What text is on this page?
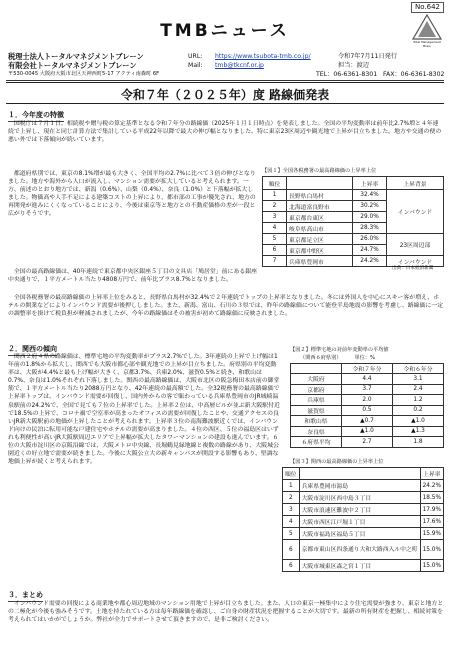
No.642
TMBニュース
Total Management Brain
税理士法人トータルマネジメントブレーン	URL: https://www.tsubota-tmb.co.jp/	令和7年7月11日発行
有限会社トータルマネジメントブレーン	Mail: tmb@tkcnf.or.jp	担当：渡辺
〒530-0045 大阪府大阪市北区天神西町5-17 アクティ南森町 6F	TEL：06-6361-8301 FAX：06-6361-8302
令和７年（２０２５年）度 路線価発表
１．今年度の特徴
国税庁は７月１日、相続税や贈与税の算定基準となる令和７年分の路線価（2025年１月１日時点）を発表しました。全国の平均変動率は前年比2.7%増と４年連続で上昇し、現在と同じ計算方法で集計している平成22年以降で最大の伸び幅となりました。特に東京23区周辺や観光地で上昇が目立ちました。地方や交通の便の悪い外では下落傾向が続いています。
都道府県別では、東京の8.1%増が最も大きく、全国平均の2.7%に比べて３倍の伸びとなりました。地方や海外から人口が流入し、マンション需要が拡大していると考えられます。一方、前述のとおり地方では、新潟（0.6%）、山梨（0.4%）、奈良（1.0%）と下落幅が拡大しました。物価高や人手不足による建築コストの上昇により、都市部の工事が優先され、地方の再開発が進みにくくなっていることにより、今後は東京等と地方との不動産価格の差が一段と広がりそうです。
全国の最高路線価は、40年連続で東京都中央区銀座５丁目の文具店「鳩居堂」前にある銀座中央通りで、１平方メートル当たり4808万円で、前年比プラス8.7%となりました。
全国各税務署の最高路線価の上昇率上位をみると、長野県白馬村が32.4%で２年連続でトップの上昇率となりました。冬には外国人を中心にスキー客が増え、ホテルの開業などによりインバウンド需要が後押ししました。また、新潟、富山、石川の３県では、昨年の路線価について能登半島地震の影響を考慮し、路線価に一定の調整率を掛けて税負担が軽減されましたが、今年の路線価はその被害が初めて路線価に反映されました。
【図１】全国各税務署の最高路線価の上昇率上位
順位		上昇率	上昇背景
1	長野県白馬村	32.4%	インバウンド
2	北海道富良野市	30.2%	
3	東京都台東区	29.0%	
4	岐阜県高山市	28.3%	
5	東京都足立区	26.0%	23区周辺部
6	東京都中野区	24.7%	
7	兵庫県豊岡市	24.2%	インバウンド
出典：日本経済新聞
２．関西の傾向
関西２府４県の路線価は、標準宅地の平均変動率がプラス2.7%でした。3年連続の上昇で上げ幅は1年前の1.8%から拡大し、関西でも大阪市都心部や観光地での上昇が目立ちました。府県別の平均変動率は、大阪が4.4%と最も上げ幅が大きく、京都3.7%、兵庫2.0%、滋賀0.5%と続き、和歌山は0.7%、奈良は1.0%それぞれ下落しました。関西の最高路線価は、大阪市北区の阪急梅田本店前の御堂筋で、１平方メートル当たり2088万円となり、42年連続の最高額でした。全32税務署の最高路線価で上昇率トップは、インバウンド需要が回復し、国内外からの客で賑わっている兵庫県豊岡市のJR城崎温泉駅前の24.2%で、全国で見ても７位の上昇率でした。上昇率２位は、中高層ビルが並ぶ新大阪駅付近で18.5%の上昇で、コロナ禍で空室率が高まったオフィスの需要が回復したことや、交通アクセスの良いJR新大阪駅前の地価が上昇したことが考えられます。上昇率３位の南海難波駅近くでは、インバウンド向けの民泊に転用可能な戸建住宅やホテルの需要が高まりました。４位の西区、５位の福島区はいずれも利便性が高いJR大阪駅周辺エリアで上昇幅が拡大したタワーマンションの建設も進んでいます。６位の大阪市淀川区の京阪沿線では、大阪メトロ中央線、長堀鶴見緑地線と複数の路線があり、大阪城公園近くの好立地で需要が続きました。今後に大阪公立大の新キャンパスが開設する影響もあり、堅調な地価上昇が続くと考えられます。
【図２】標準宅地の対前年変動率の平均値
（関西６府県別）　　　単位：%
	令和７年分	令和６年分
大阪府	4.4	3.1
京都府	3.7	2.4
兵庫県	2.0	1.2
滋賀県	0.5	0.2
和歌山県	▲0.7	▲1.0
奈良県	▲1.0	▲1.3
６府県平均	2.7	1.8
【図３】関西の最高路線価の上昇率上位
順位		上昇率
1	兵庫県豊岡市湯島	24.2%
2	大阪市淀川区西中島３丁目	18.5%
3	大阪市浪速区難波中２丁目	17.9%
4	大阪市西区江戸堀１丁目	17.6%
5	大阪市福島区福島５丁目	15.9%
6	京都市東山区四条通り大和大路西入ル中之町	15.0%
6	大阪市城東区森之宮１丁目	15.0%
３．まとめ
インバウンド需要の回復による商業地や都心周辺地域のマンション用地で上昇が目立ちました。また、人口の東京一極集中により住宅需要が強まり、東京と地方との二極化が今後も強みそうです。土地を持たれている方は毎年路線価を確認し、ご自身の財産状況を把握することが大切です。最新の所有財産を把握し、相続対策を考えられてはいかがでしょうか。弊社が全力でサポートさせて頂きますので、是非ご検討ください。
